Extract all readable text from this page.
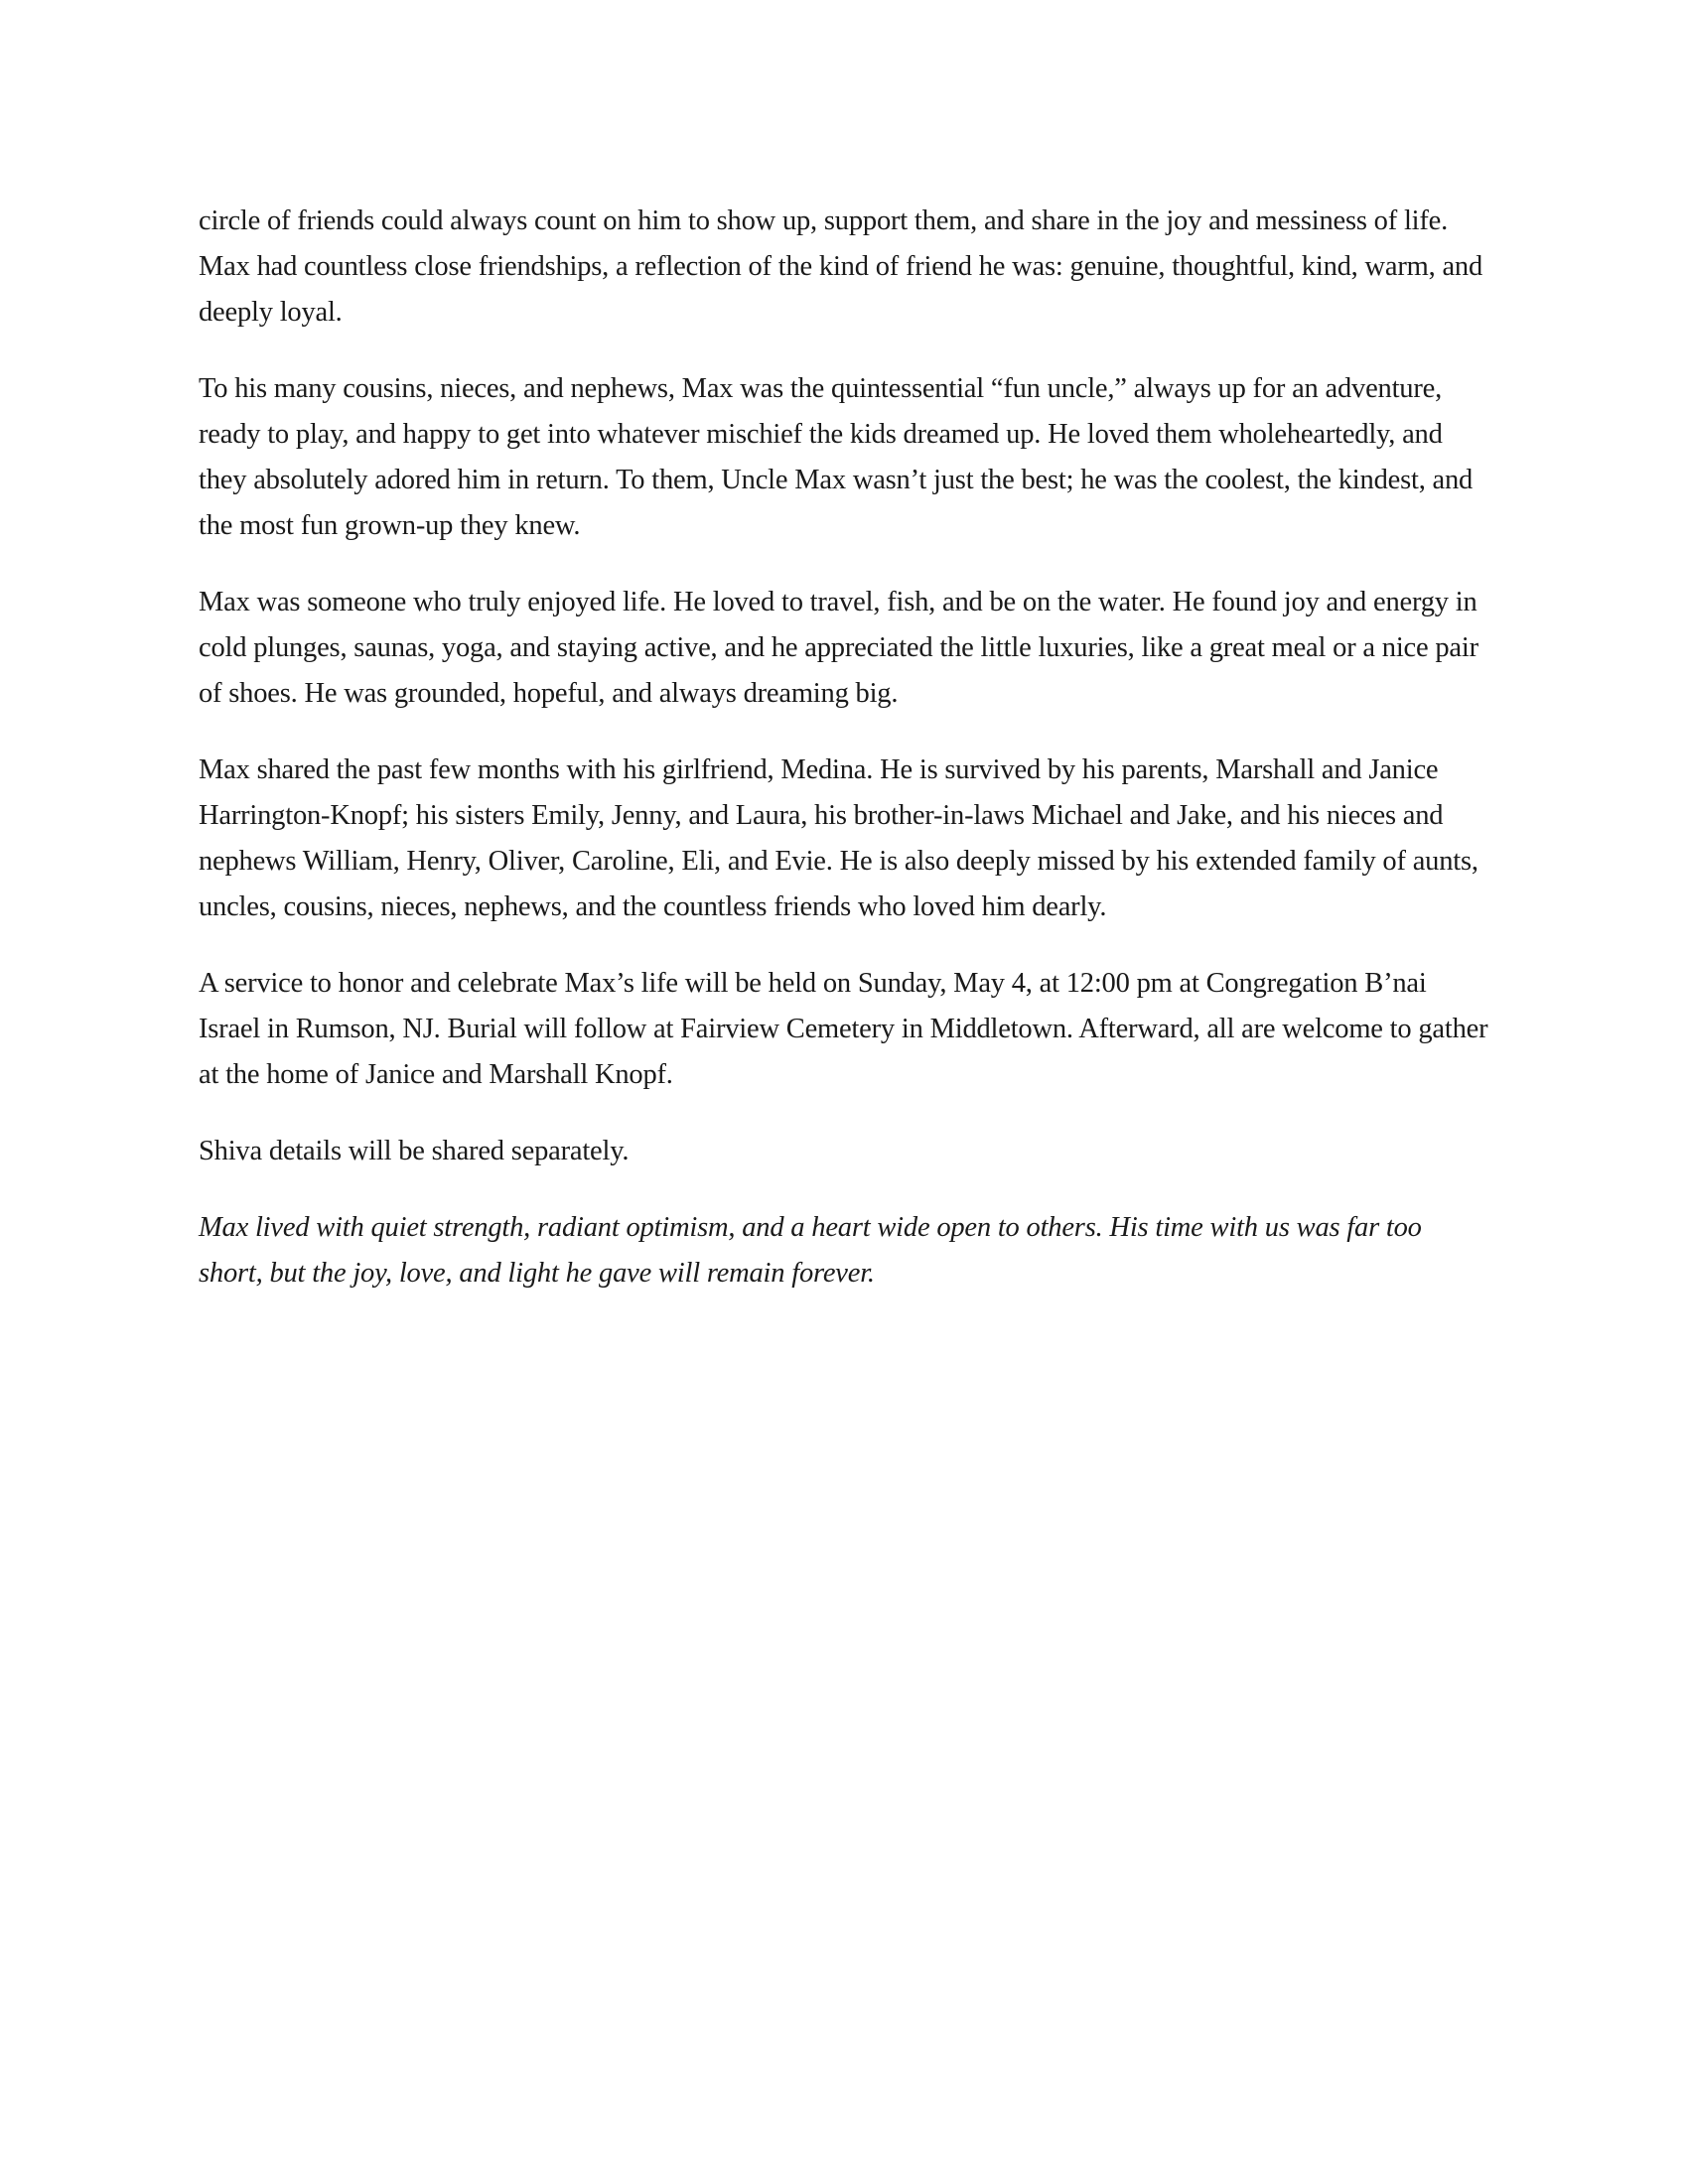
circle of friends could always count on him to show up, support them, and share in the joy and messiness of life. Max had countless close friendships, a reflection of the kind of friend he was: genuine, thoughtful, kind, warm, and deeply loyal.

To his many cousins, nieces, and nephews, Max was the quintessential “fun uncle,” always up for an adventure, ready to play, and happy to get into whatever mischief the kids dreamed up. He loved them wholeheartedly, and they absolutely adored him in return. To them, Uncle Max wasn’t just the best; he was the coolest, the kindest, and the most fun grown-up they knew.

Max was someone who truly enjoyed life. He loved to travel, fish, and be on the water. He found joy and energy in cold plunges, saunas, yoga, and staying active, and he appreciated the little luxuries, like a great meal or a nice pair of shoes. He was grounded, hopeful, and always dreaming big.

Max shared the past few months with his girlfriend, Medina. He is survived by his parents, Marshall and Janice Harrington-Knopf; his sisters Emily, Jenny, and Laura, his brother-in-laws Michael and Jake, and his nieces and nephews William, Henry, Oliver, Caroline, Eli, and Evie. He is also deeply missed by his extended family of aunts, uncles, cousins, nieces, nephews, and the countless friends who loved him dearly.

A service to honor and celebrate Max’s life will be held on Sunday, May 4, at 12:00 pm at Congregation B’nai Israel in Rumson, NJ. Burial will follow at Fairview Cemetery in Middletown. Afterward, all are welcome to gather at the home of Janice and Marshall Knopf.

Shiva details will be shared separately.

Max lived with quiet strength, radiant optimism, and a heart wide open to others. His time with us was far too short, but the joy, love, and light he gave will remain forever.
